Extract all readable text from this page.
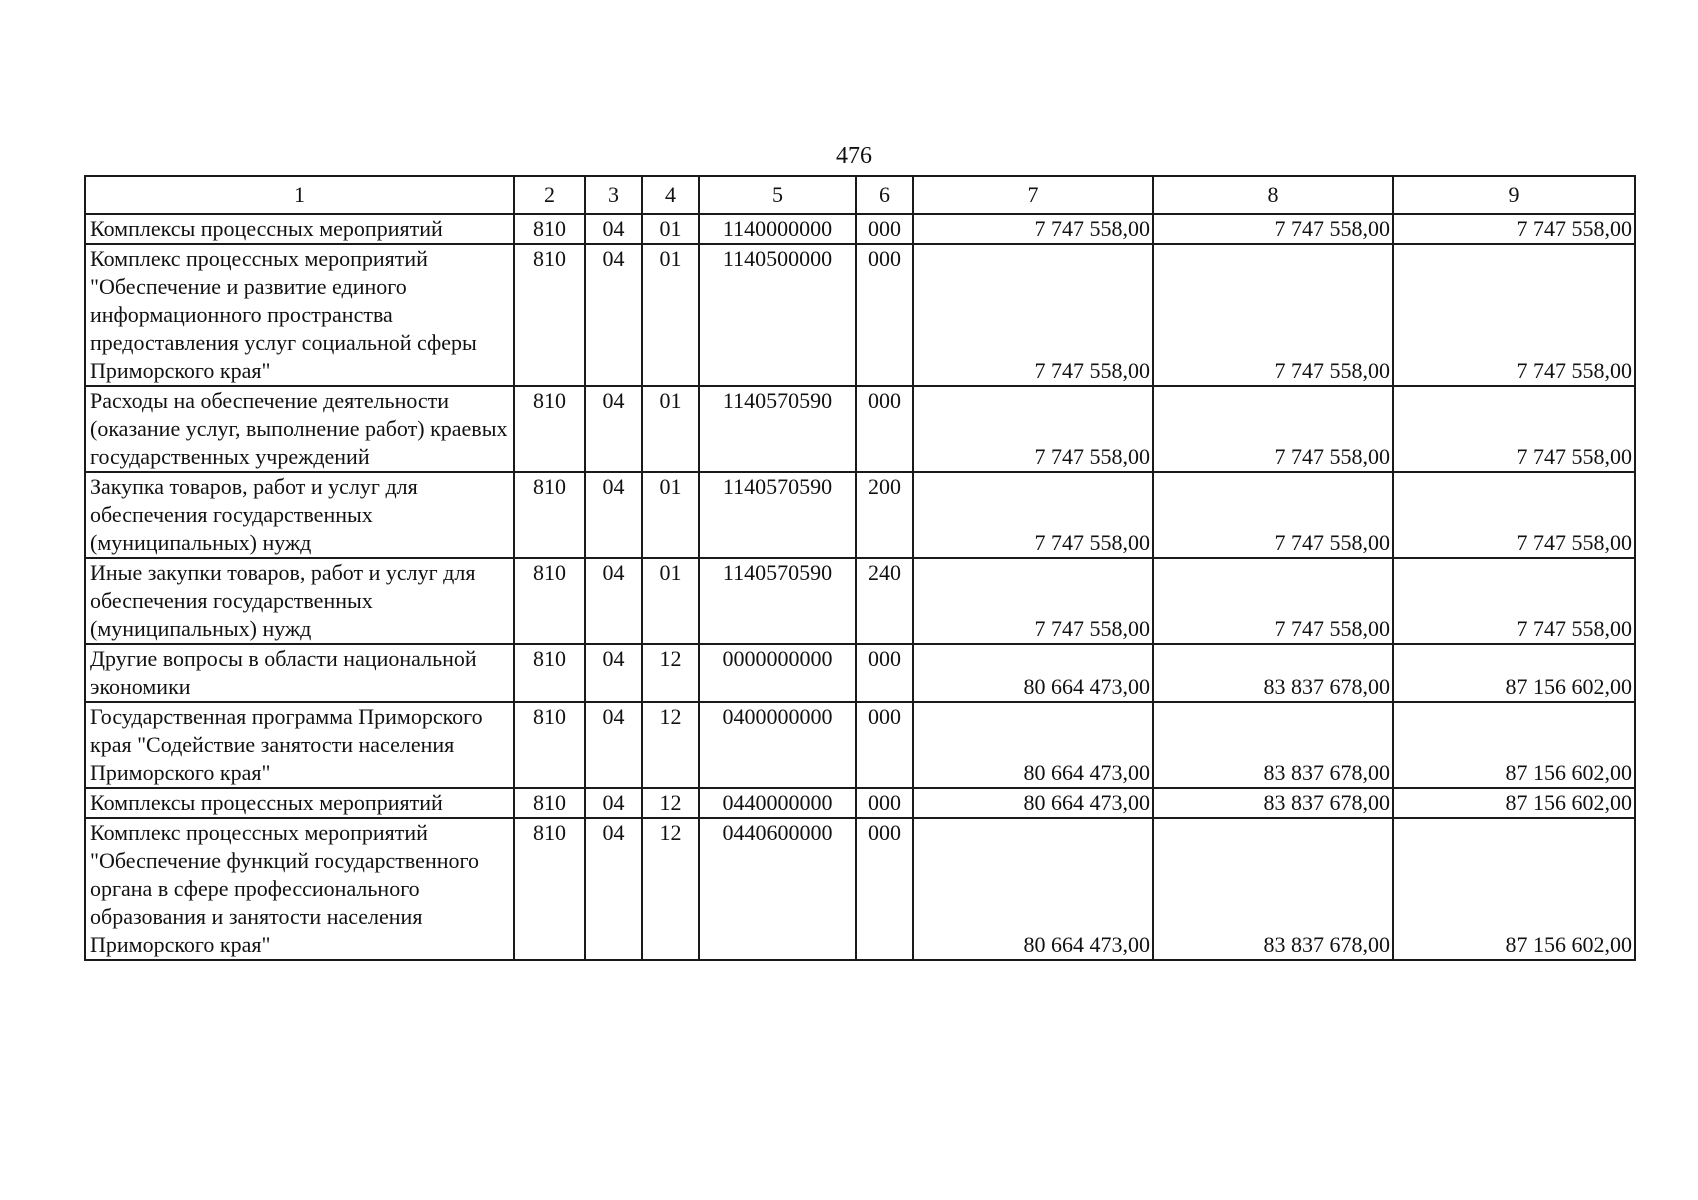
476
1	2	3	4	5	6	7	8	9
Комплексы процессных мероприятий	810	04	01	1140000000	000	7 747 558,00	7 747 558,00	7 747 558,00
Комплекс процессных мероприятий "Обеспечение и развитие единого информационного пространства предоставления услуг социальной сферы Приморского края"	810	04	01	1140500000	000	7 747 558,00	7 747 558,00	7 747 558,00
Расходы на обеспечение деятельности (оказание услуг, выполнение работ) краевых государственных учреждений	810	04	01	1140570590	000	7 747 558,00	7 747 558,00	7 747 558,00
Закупка товаров, работ и услуг для обеспечения государственных (муниципальных) нужд	810	04	01	1140570590	200	7 747 558,00	7 747 558,00	7 747 558,00
Иные закупки товаров, работ и услуг для обеспечения государственных (муниципальных) нужд	810	04	01	1140570590	240	7 747 558,00	7 747 558,00	7 747 558,00
Другие вопросы в области национальной экономики	810	04	12	0000000000	000	80 664 473,00	83 837 678,00	87 156 602,00
Государственная программа Приморского края "Содействие занятости населения Приморского края"	810	04	12	0400000000	000	80 664 473,00	83 837 678,00	87 156 602,00
Комплексы процессных мероприятий	810	04	12	0440000000	000	80 664 473,00	83 837 678,00	87 156 602,00
Комплекс процессных мероприятий "Обеспечение функций государственного органа в сфере профессионального образования и занятости населения Приморского края"	810	04	12	0440600000	000	80 664 473,00	83 837 678,00	87 156 602,00
